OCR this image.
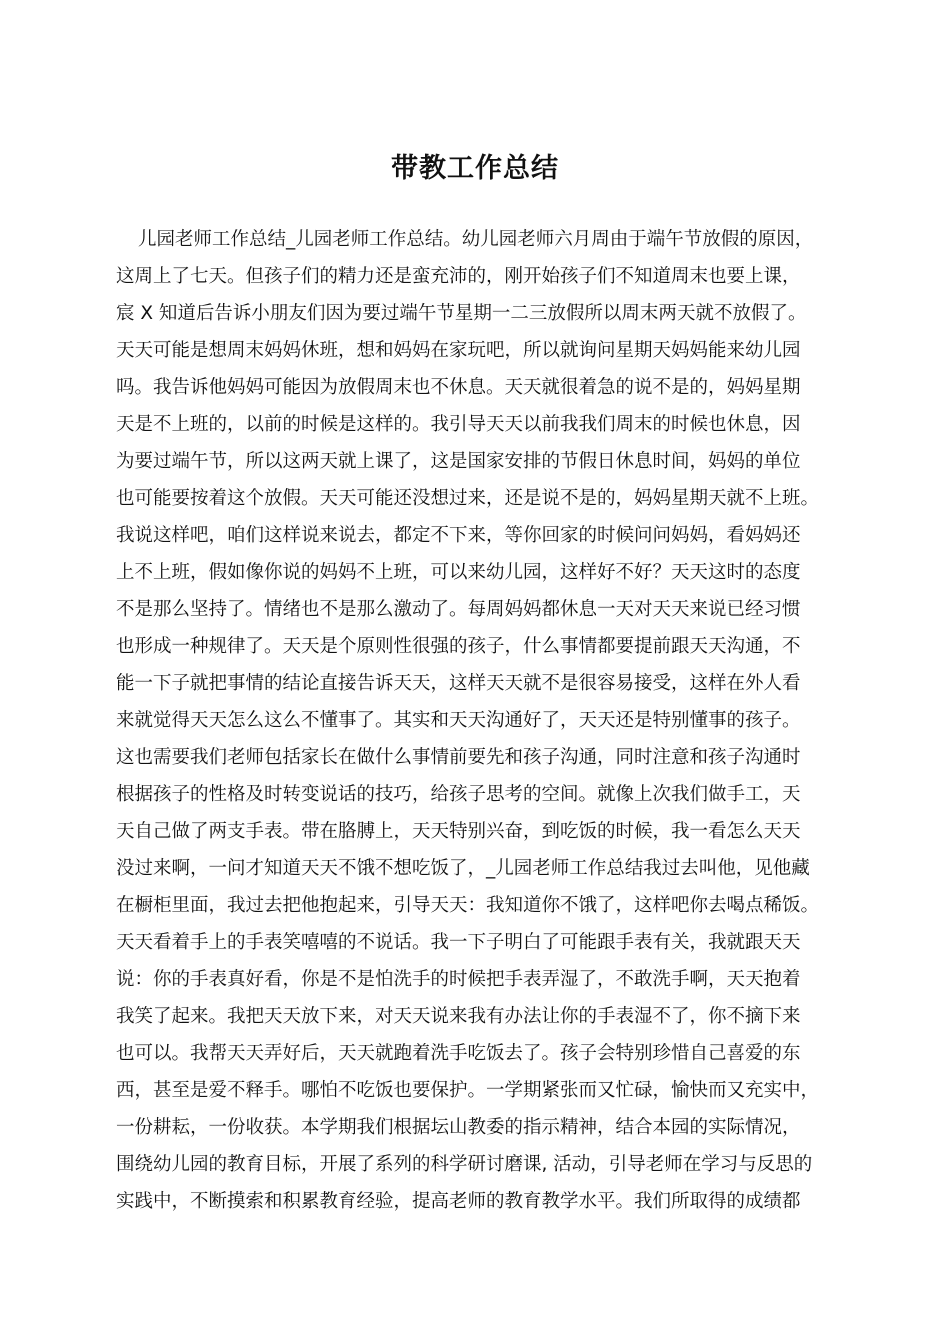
带教工作总结
儿园老师工作总结_儿园老师工作总结。幼儿园老师六月周由于端午节放假的原因，
这周上了七天。但孩子们的精力还是蛮充沛的，刚开始孩子们不知道周末也要上课，
宸 X 知道后告诉小朋友们因为要过端午节星期一二三放假所以周末两天就不放假了。
天天可能是想周末妈妈休班，想和妈妈在家玩吧，所以就询问星期天妈妈能来幼儿园
吗。我告诉他妈妈可能因为放假周末也不休息。天天就很着急的说不是的，妈妈星期
天是不上班的，以前的时候是这样的。我引导天天以前我我们周末的时候也休息，因
为要过端午节，所以这两天就上课了，这是国家安排的节假日休息时间，妈妈的单位
也可能要按着这个放假。天天可能还没想过来，还是说不是的，妈妈星期天就不上班。
我说这样吧，咱们这样说来说去，都定不下来，等你回家的时候问问妈妈，看妈妈还
上不上班，假如像你说的妈妈不上班，可以来幼儿园，这样好不好？天天这时的态度
不是那么坚持了。情绪也不是那么激动了。每周妈妈都休息一天对天天来说已经习惯
也形成一种规律了。天天是个原则性很强的孩子，什么事情都要提前跟天天沟通，不
能一下子就把事情的结论直接告诉天天，这样天天就不是很容易接受，这样在外人看
来就觉得天天怎么这么不懂事了。其实和天天沟通好了，天天还是特别懂事的孩子。
这也需要我们老师包括家长在做什么事情前要先和孩子沟通，同时注意和孩子沟通时
根据孩子的性格及时转变说话的技巧，给孩子思考的空间。就像上次我们做手工，天
天自己做了两支手表。带在胳膊上，天天特别兴奋，到吃饭的时候，我一看怎么天天
没过来啊，一问才知道天天不饿不想吃饭了，_儿园老师工作总结我过去叫他，见他藏
在橱柜里面，我过去把他抱起来，引导天天：我知道你不饿了，这样吧你去喝点稀饭。
天天看着手上的手表笑嘻嘻的不说话。我一下子明白了可能跟手表有关，我就跟天天
说：你的手表真好看，你是不是怕洗手的时候把手表弄湿了，不敢洗手啊，天天抱着
我笑了起来。我把天天放下来，对天天说来我有办法让你的手表湿不了，你不摘下来
也可以。我帮天天弄好后，天天就跑着洗手吃饭去了。孩子会特别珍惜自己喜爱的东
西，甚至是爱不释手。哪怕不吃饭也要保护。一学期紧张而又忙碌，愉快而又充实中，
一份耕耘，一份收获。本学期我们根据坛山教委的指示精神，结合本园的实际情况，
围绕幼儿园的教育目标，开展了系列的科学研讨磨课, 活动，引导老师在学习与反思的
实践中，不断摸索和积累教育经验，提高老师的教育教学水平。我们所取得的成绩都
